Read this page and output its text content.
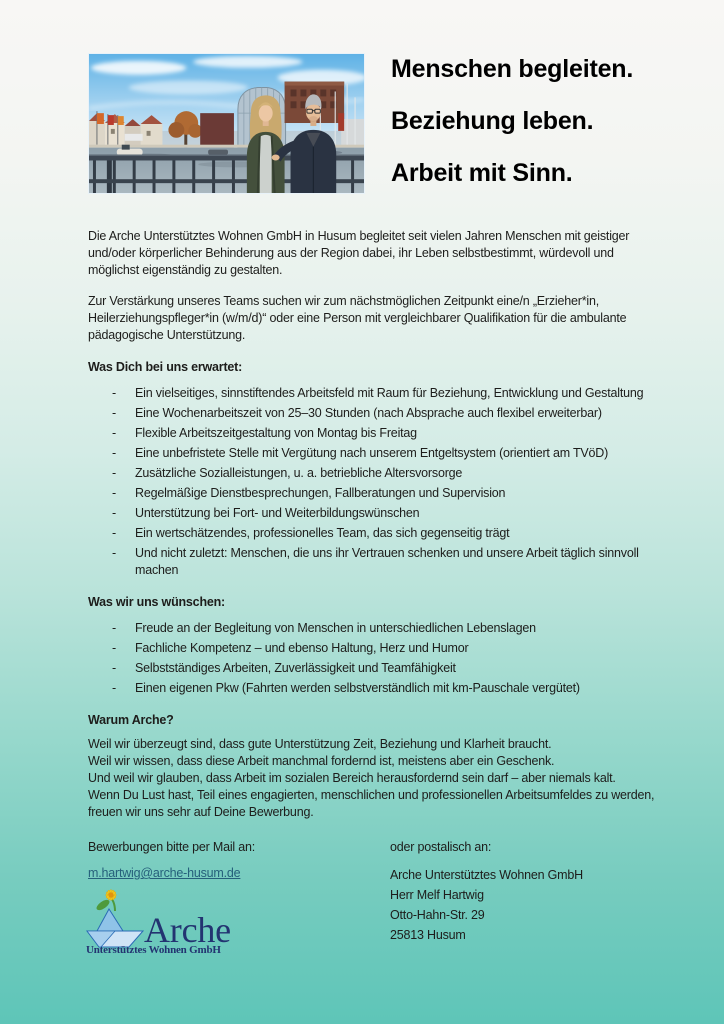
Menschen begleiten.
Beziehung leben.
Arbeit mit Sinn.

Die Arche Unterstütztes Wohnen GmbH in Husum begleitet seit vielen Jahren Menschen mit geistiger und/oder körperlicher Behinderung aus der Region dabei, ihr Leben selbstbestimmt, würdevoll und möglichst eigenständig zu gestalten.

Zur Verstärkung unseres Teams suchen wir zum nächstmöglichen Zeitpunkt eine/n „Erzieher*in, Heilerziehungspfleger*in (w/m/d)“ oder eine Person mit vergleichbarer Qualifikation für die ambulante pädagogische Unterstützung.

Was Dich bei uns erwartet:
-	Ein vielseitiges, sinnstiftendes Arbeitsfeld mit Raum für Beziehung, Entwicklung und Gestaltung
-	Eine Wochenarbeitszeit von 25–30 Stunden (nach Absprache auch flexibel erweiterbar)
-	Flexible Arbeitszeitgestaltung von Montag bis Freitag
-	Eine unbefristete Stelle mit Vergütung nach unserem Entgeltsystem (orientiert am TVöD)
-	Zusätzliche Sozialleistungen, u. a. betriebliche Altersvorsorge
-	Regelmäßige Dienstbesprechungen, Fallberatungen und Supervision
-	Unterstützung bei Fort- und Weiterbildungswünschen
-	Ein wertschätzendes, professionelles Team, das sich gegenseitig trägt
-	Und nicht zuletzt: Menschen, die uns ihr Vertrauen schenken und unsere Arbeit täglich sinnvoll machen
Was wir uns wünschen:
-	Freude an der Begleitung von Menschen in unterschiedlichen Lebenslagen
-	Fachliche Kompetenz – und ebenso Haltung, Herz und Humor
-	Selbstständiges Arbeiten, Zuverlässigkeit und Teamfähigkeit
-	Einen eigenen Pkw (Fahrten werden selbstverständlich mit km-Pauschale vergütet)
Warum Arche?

Weil wir überzeugt sind, dass gute Unterstützung Zeit, Beziehung und Klarheit braucht.

Weil wir wissen, dass diese Arbeit manchmal fordernd ist, meistens aber ein Geschenk.

Und weil wir glauben, dass Arbeit im sozialen Bereich herausfordernd sein darf – aber niemals kalt.

Wenn Du Lust hast, Teil eines engagierten, menschlichen und professionellen Arbeitsumfeldes zu werden, freuen wir uns sehr auf Deine Bewerbung.

Bewerbungen bitte per Mail an:

m.hartwig@arche-husum.de
Arche
Unterstütztes Wohnen GmbH

oder postalisch an:

Arche Unterstütztes Wohnen GmbH
Herr Melf Hartwig
Otto-Hahn-Str. 29
25813 Husum
